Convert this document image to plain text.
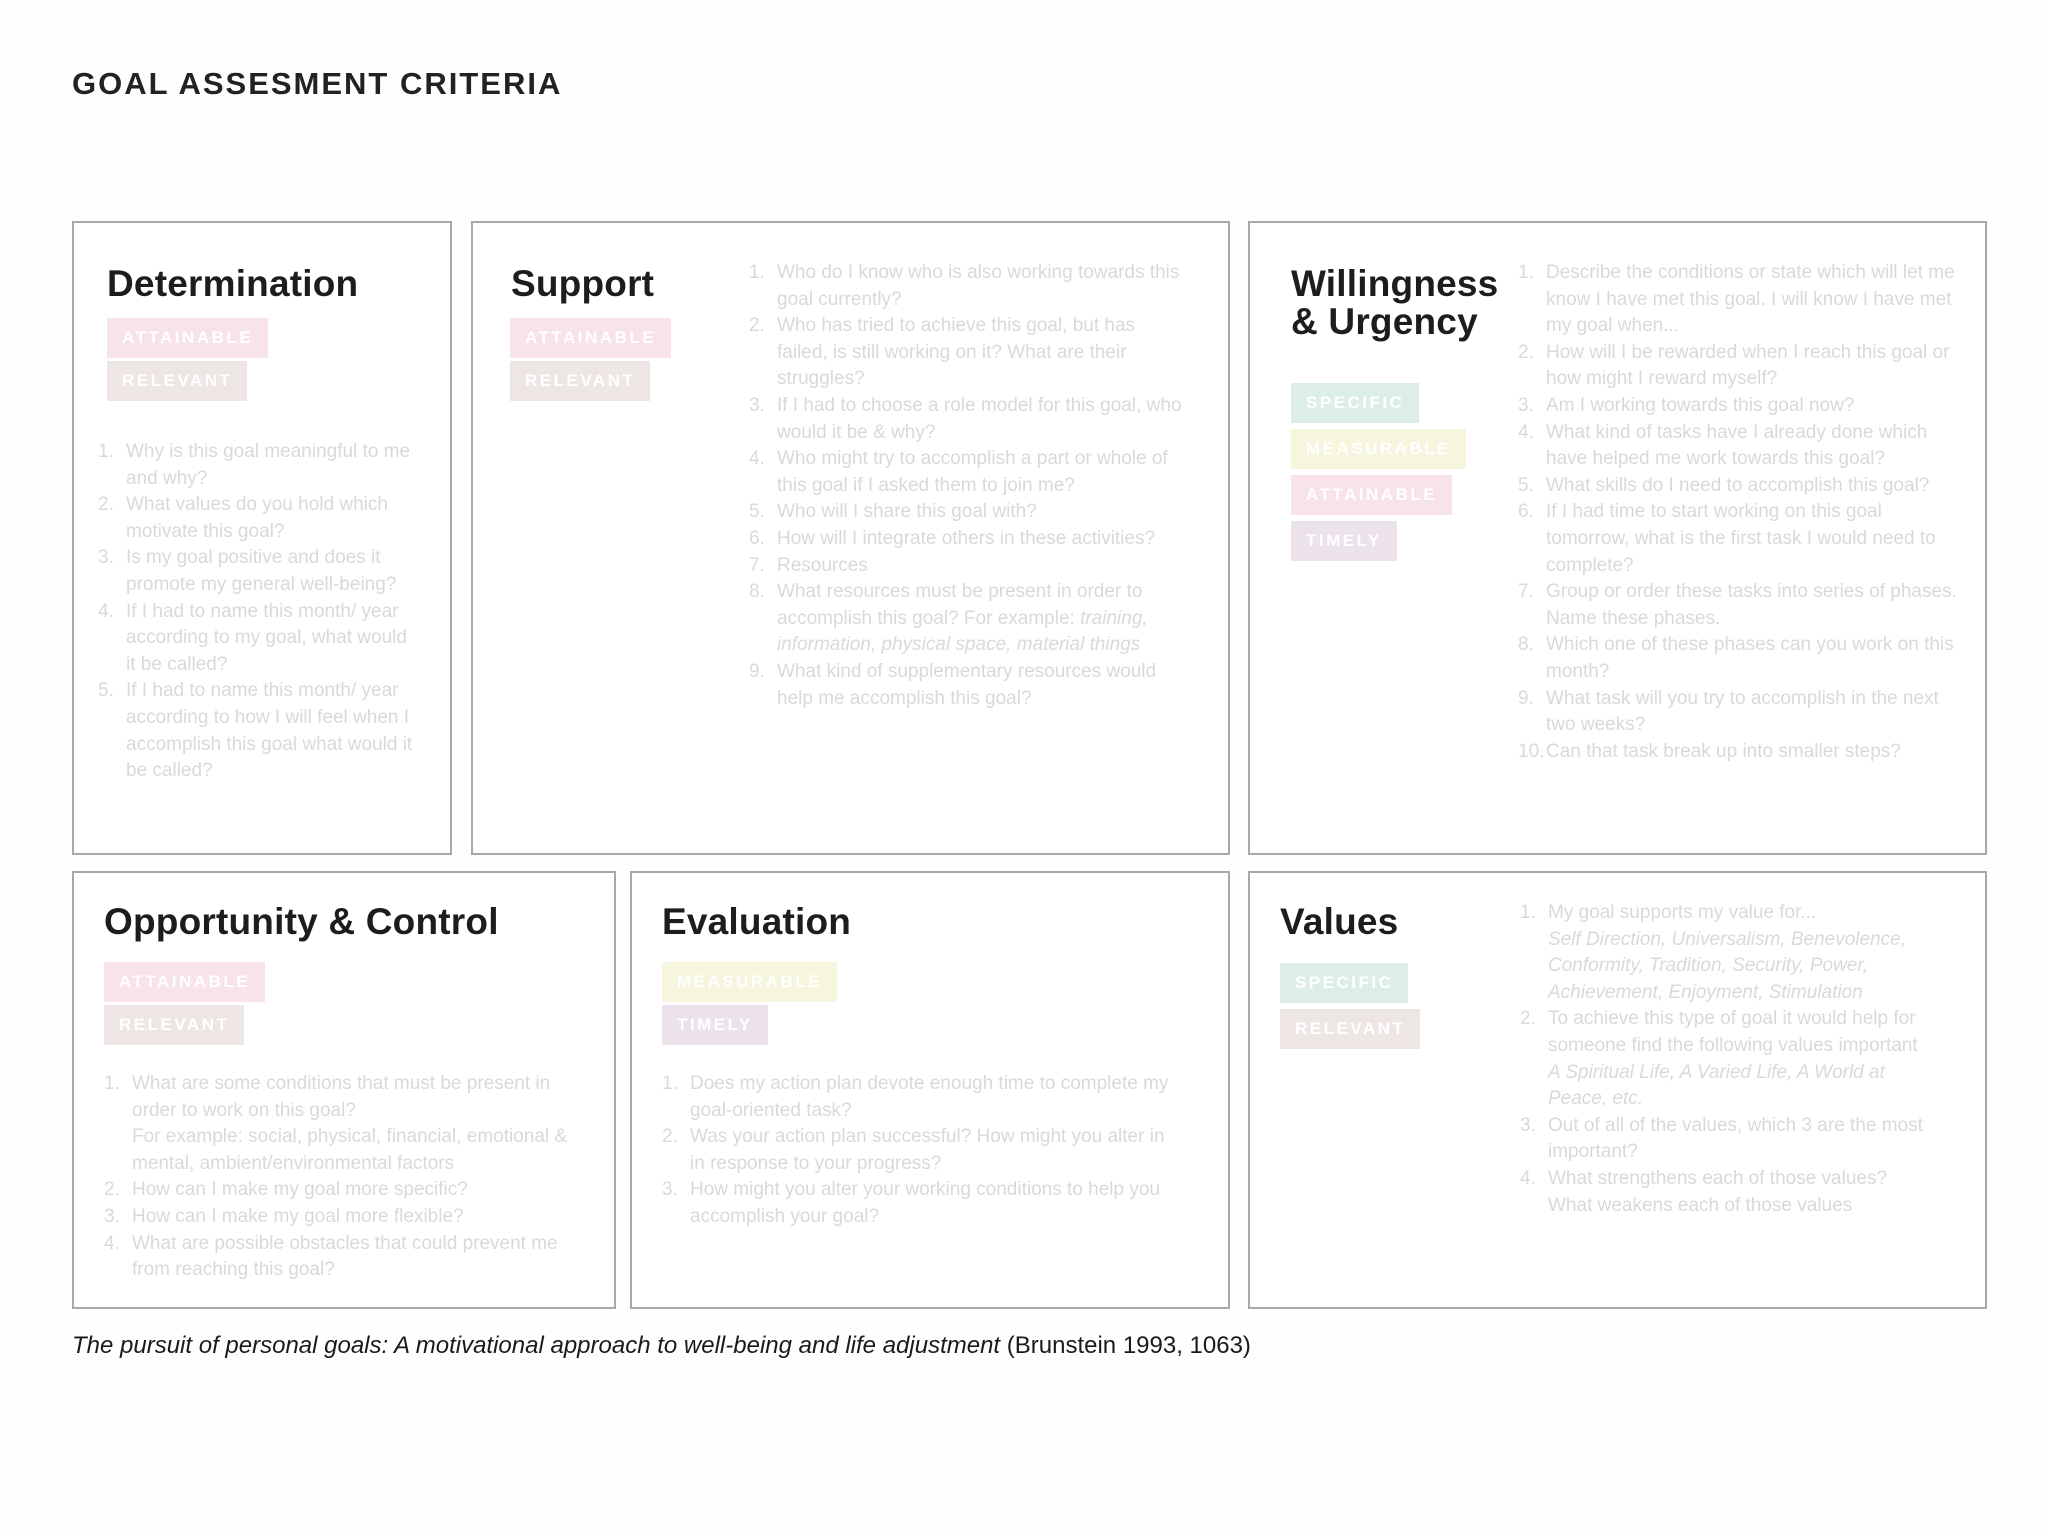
GOAL ASSESMENT CRITERIA
Determination
ATTAINABLE
RELEVANT
1. Why is this goal meaningful to me and why?
2. What values do you hold which motivate this goal?
3. Is my goal positive and does it promote my general well-being?
4. If I had to name this month/ year according to my goal, what would it be called?
5. If I had to name this month/ year according to how I will feel when I accomplish this goal what would it be called?
Support
ATTAINABLE
RELEVANT
1. Who do I know who is also working towards this goal currently?
2. Who has tried to achieve this goal, but has failed, is still working on it? What are their struggles?
3. If I had to choose a role model for this goal, who would it be & why?
4. Who might try to accomplish a part or whole of this goal if I asked them to join me?
5. Who will I share this goal with?
6. How will I integrate others in these activities?
7. Resources
8. What resources must be present in order to accomplish this goal? For example: training, information, physical space, material things
9. What kind of supplementary resources would help me accomplish this goal?
Willingness
& Urgency
SPECIFIC
MEASURABLE
ATTAINABLE
TIMELY
1. Describe the conditions or state which will let me know I have met this goal. I will know I have met my goal when...
2. How will I be rewarded when I reach this goal or how might I reward myself?
3. Am I working towards this goal now?
4. What kind of tasks have I already done which have helped me work towards this goal?
5. What skills do I need to accomplish this goal?
6. If I had time to start working on this goal tomorrow, what is the first task I would need to complete?
7. Group or order these tasks into series of phases. Name these phases.
8. Which one of these phases can you work on this month?
9. What task will you try to accomplish in the next two weeks?
10. Can that task break up into smaller steps?
Opportunity & Control
ATTAINABLE
RELEVANT
1. What are some conditions that must be present in order to work on this goal?
For example: social, physical, financial, emotional & mental, ambient/environmental factors
2. How can I make my goal more specific?
3. How can I make my goal more flexible?
4. What are possible obstacles that could prevent me from reaching this goal?
Evaluation
MEASURABLE
TIMELY
1. Does my action plan devote enough time to complete my goal-oriented task?
2. Was your action plan successful? How might you alter in in response to your progress?
3. How might you alter your working conditions to help you accomplish your goal?
Values
SPECIFIC
RELEVANT
1. My goal supports my value for...
Self Direction, Universalism, Benevolence, Conformity, Tradition, Security, Power, Achievement, Enjoyment, Stimulation
2. To achieve this type of goal it would help for someone find the following values important
A Spiritual Life, A Varied Life, A World at Peace, etc.
3. Out of all of the values, which 3 are the most important?
4. What strengthens each of those values?
What weakens each of those values

The pursuit of personal goals: A motivational approach to well-being and life adjustment (Brunstein 1993, 1063)
